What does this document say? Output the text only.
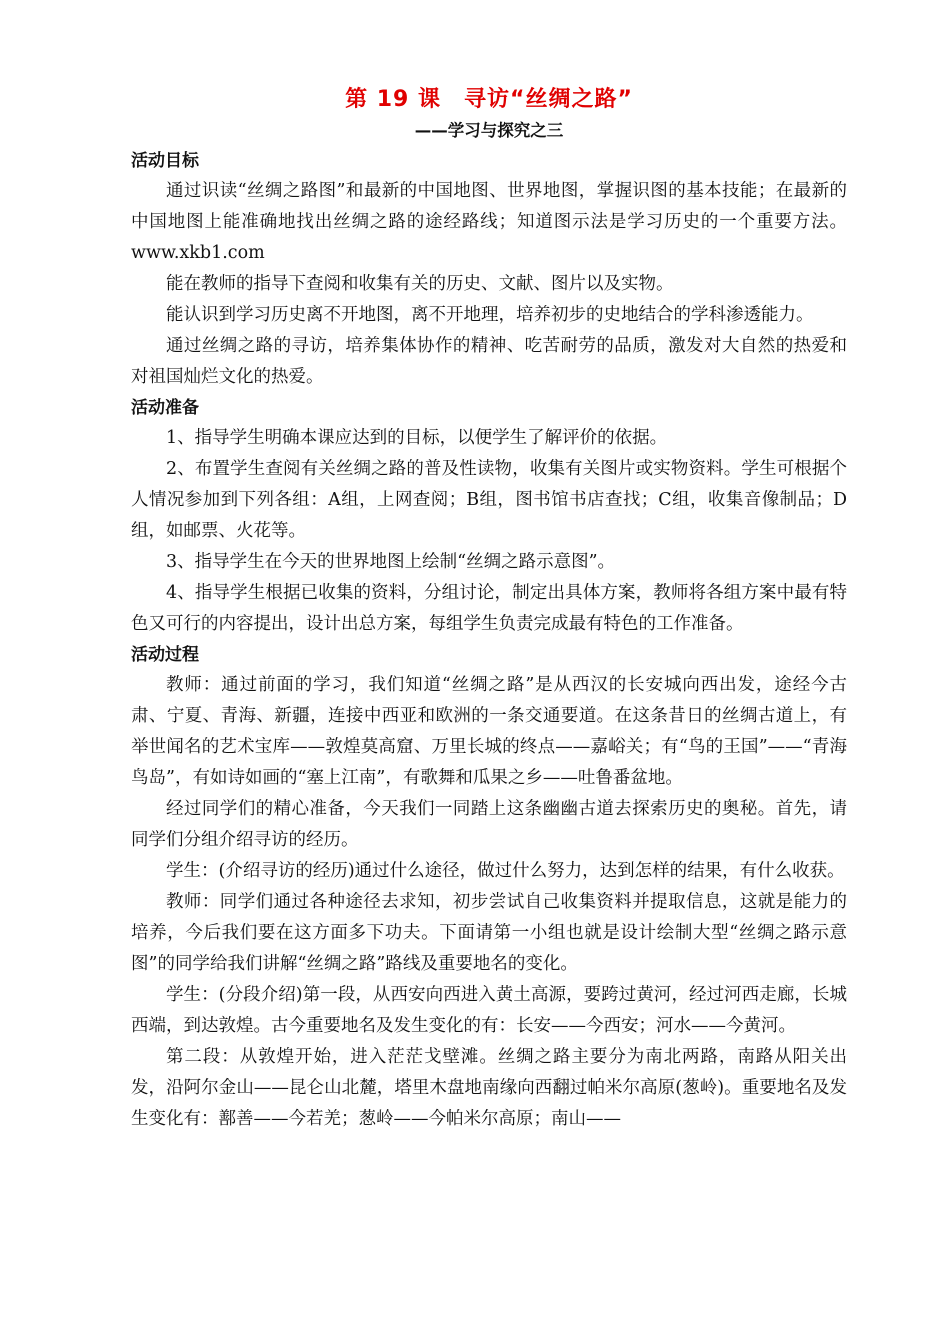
第 19 课　寻访“丝绸之路”
——学习与探究之三
活动目标

通过识读“丝绸之路图”和最新的中国地图、世界地图，掌握识图的基本技能；在最新的中国地图上能准确地找出丝绸之路的途经路线；知道图示法是学习历史的一个重要方法。www.xkb1.com

能在教师的指导下查阅和收集有关的历史、文献、图片以及实物。

能认识到学习历史离不开地图，离不开地理，培养初步的史地结合的学科渗透能力。

通过丝绸之路的寻访，培养集体协作的精神、吃苦耐劳的品质，激发对大自然的热爱和对祖国灿烂文化的热爱。

活动准备

1、指导学生明确本课应达到的目标，以便学生了解评价的依据。

2、布置学生查阅有关丝绸之路的普及性读物，收集有关图片或实物资料。学生可根据个人情况参加到下列各组：A组，上网查阅；B组，图书馆书店查找；C组，收集音像制品；D组，如邮票、火花等。

3、指导学生在今天的世界地图上绘制“丝绸之路示意图”。

4、指导学生根据已收集的资料，分组讨论，制定出具体方案，教师将各组方案中最有特色又可行的内容提出，设计出总方案，每组学生负责完成最有特色的工作准备。

活动过程

教师：通过前面的学习，我们知道“丝绸之路”是从西汉的长安城向西出发，途经今古肃、宁夏、青海、新疆，连接中西亚和欧洲的一条交通要道。在这条昔日的丝绸古道上，有举世闻名的艺术宝库——敦煌莫高窟、万里长城的终点——嘉峪关；有“鸟的王国”——“青海鸟岛”，有如诗如画的“塞上江南”，有歌舞和瓜果之乡——吐鲁番盆地。

经过同学们的精心准备，今天我们一同踏上这条幽幽古道去探索历史的奥秘。首先，请同学们分组介绍寻访的经历。

学生：(介绍寻访的经历)通过什么途径，做过什么努力，达到怎样的结果，有什么收获。

教师：同学们通过各种途径去求知，初步尝试自己收集资料并提取信息，这就是能力的培养，今后我们要在这方面多下功夫。下面请第一小组也就是设计绘制大型“丝绸之路示意图”的同学给我们讲解“丝绸之路”路线及重要地名的变化。

学生：(分段介绍)第一段，从西安向西进入黄土高源，要跨过黄河，经过河西走廊，长城西端，到达敦煌。古今重要地名及发生变化的有：长安——今西安；河水——今黄河。

第二段：从敦煌开始，进入茫茫戈壁滩。丝绸之路主要分为南北两路，南路从阳关出发，沿阿尔金山——昆仑山北麓，塔里木盘地南缘向西翻过帕米尔高原(葱岭)。重要地名及发生变化有：鄯善——今若羌；葱岭——今帕米尔高原；南山——
